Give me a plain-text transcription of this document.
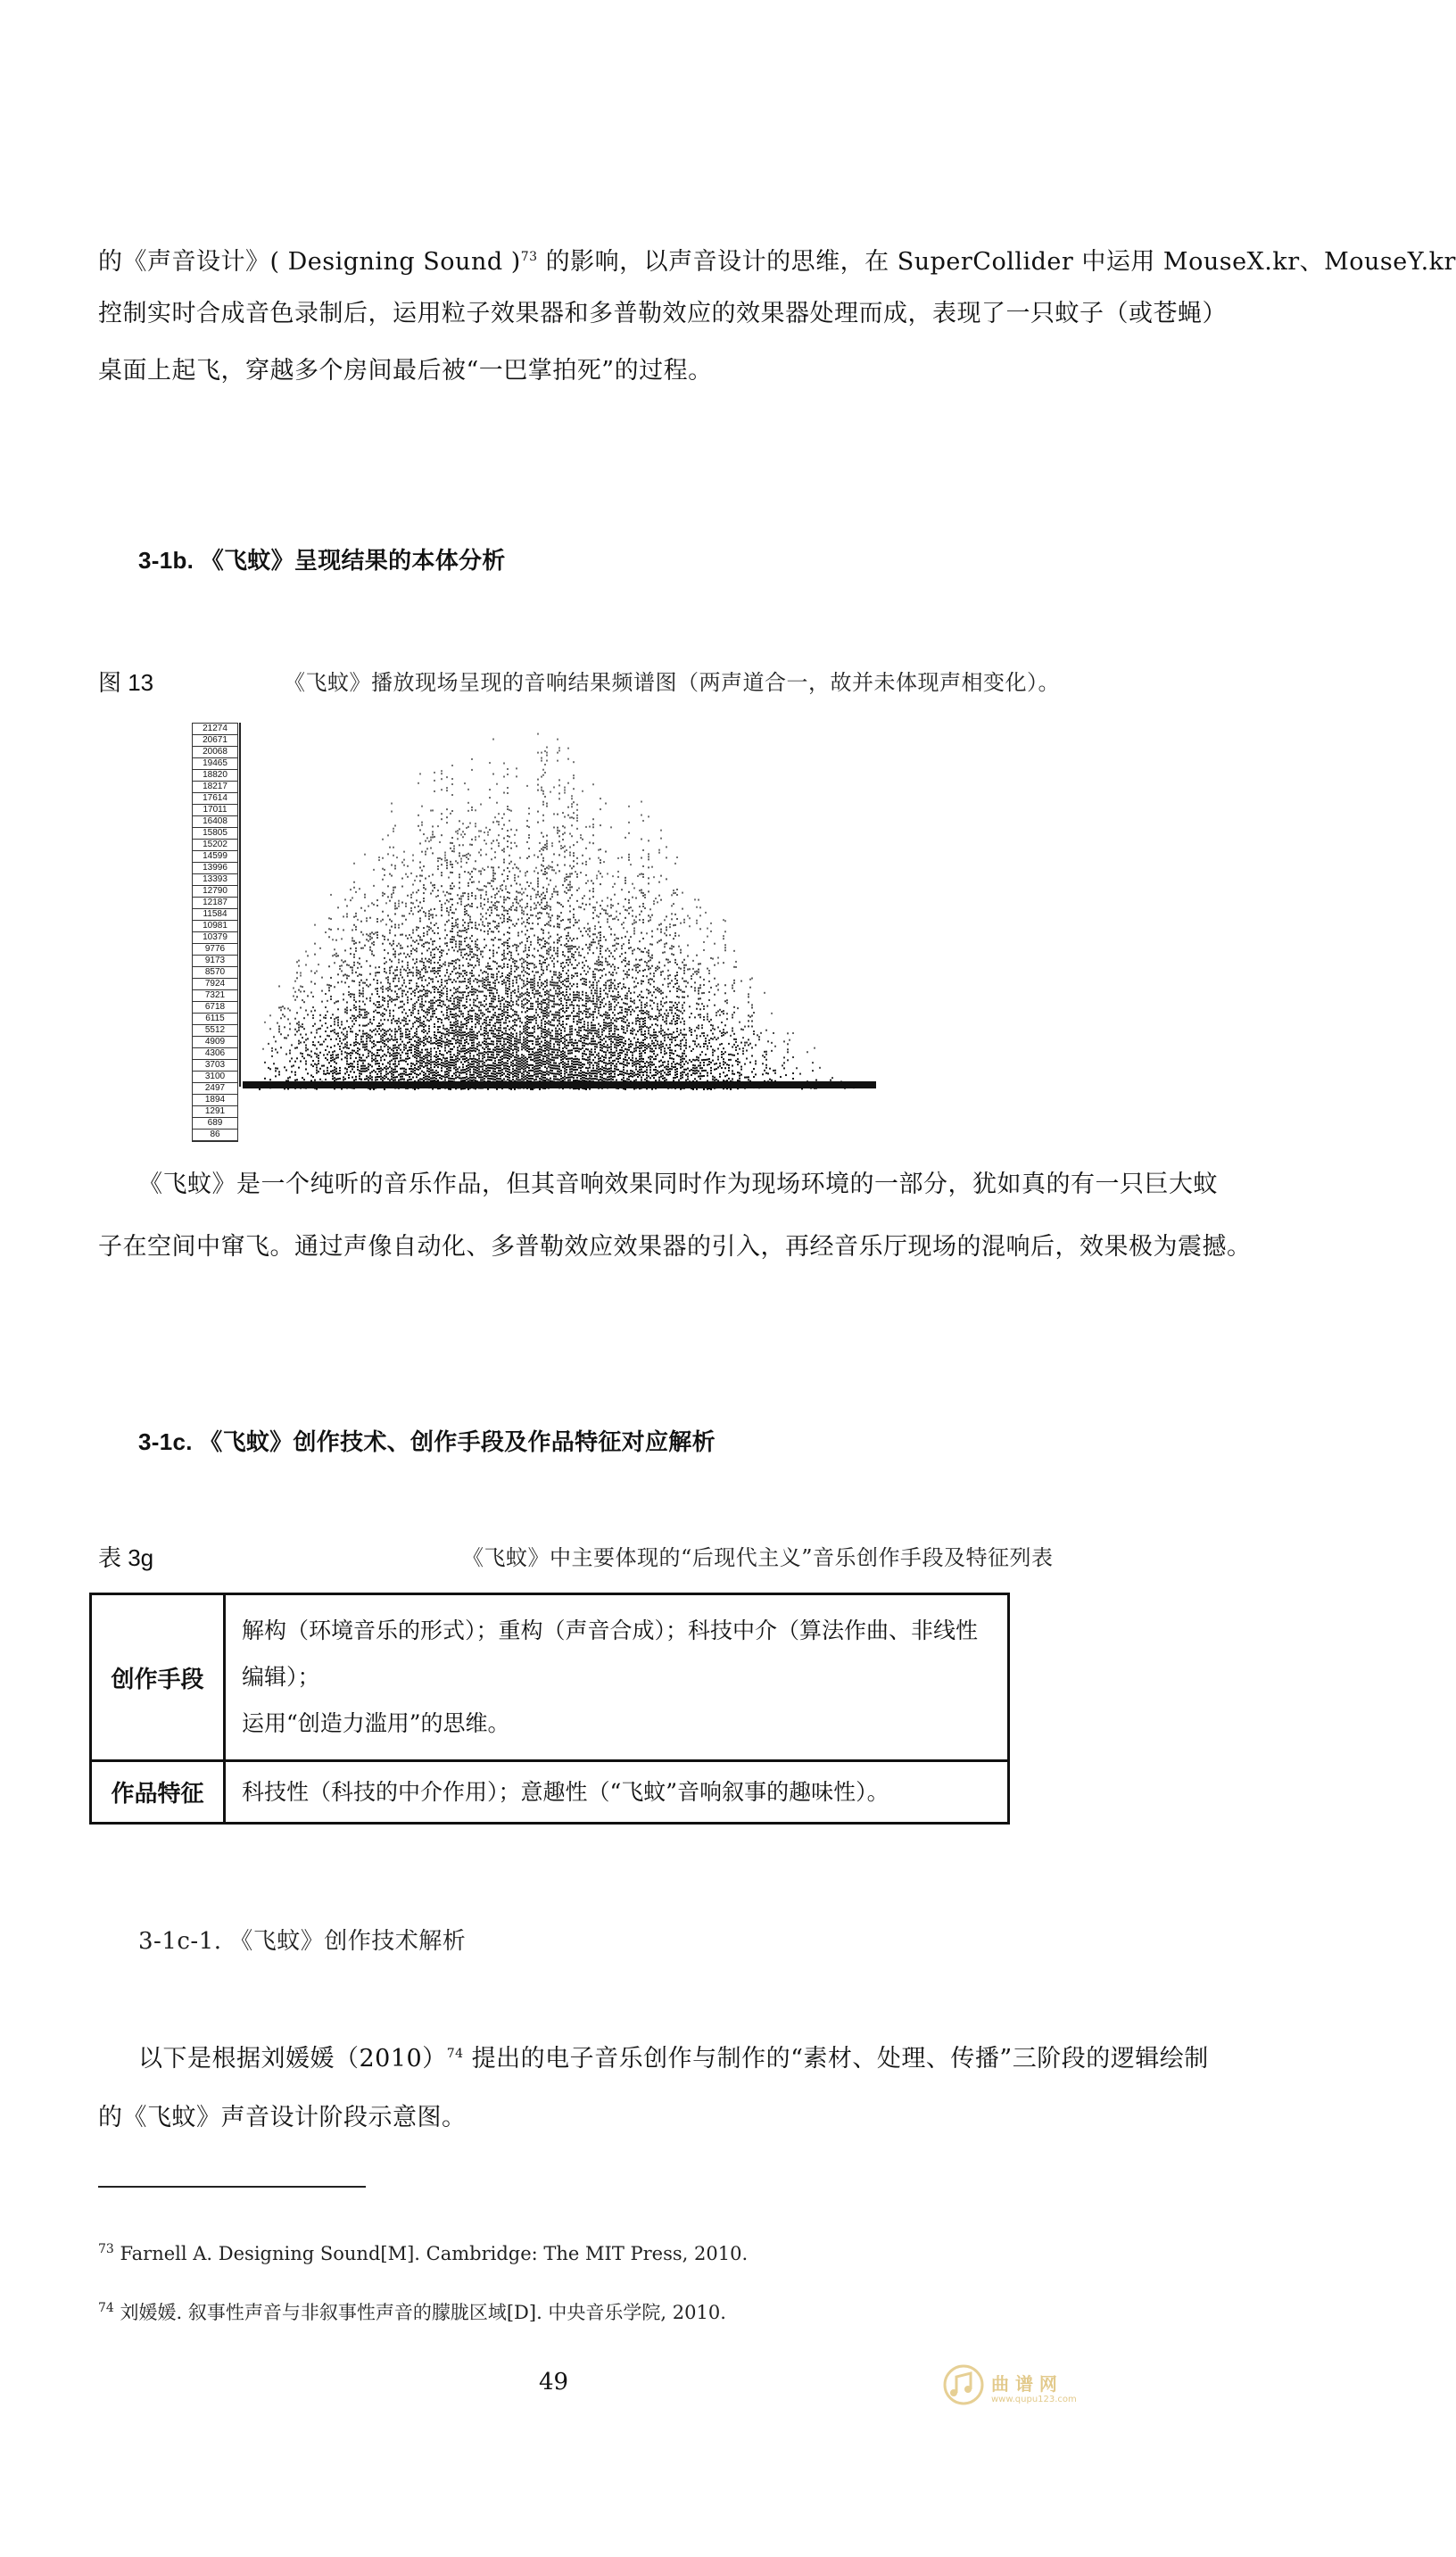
的《声音设计》( Designing Sound )$^{73}$ 的影响，以声音设计的思维，在 SuperCollider 中运用 MouseX.kr、MouseY.kr
控制实时合成音色录制后，运用粒子效果器和多普勒效应的效果器处理而成，表现了一只蚊子（或苍蝇）
桌面上起飞，穿越多个房间最后被“一巴掌拍死”的过程。
3-1b. 《飞蚊》呈现结果的本体分析
图 13	《飞蚊》播放现场呈现的音响结果频谱图（两声道合一，故并未体现声相变化）。
21274
20671
20068
19465
18820
18217
17614
17011
16408
15805
15202
14599
13996
13393
12790
12187
11584
10981
10379
9776
9173
8570
7924
7321
6718
6115
5512
4909
4306
3703
3100
2497
1894
1291
689
86
《飞蚊》是一个纯听的音乐作品，但其音响效果同时作为现场环境的一部分，犹如真的有一只巨大蚊
子在空间中窜飞。通过声像自动化、多普勒效应效果器的引入，再经音乐厅现场的混响后，效果极为震撼。
3-1c. 《飞蚊》创作技术、创作手段及作品特征对应解析
表 3g	《飞蚊》中主要体现的“后现代主义”音乐创作手段及特征列表
创作手段	解构（环境音乐的形式）；重构（声音合成）；科技中介（算法作曲、非线性编辑）；
运用“创造力滥用”的思维。

作品特征	科技性（科技的中介作用）；意趣性（“飞蚊”音响叙事的趣味性）。
3-1c-1. 《飞蚊》创作技术解析
以下是根据刘媛媛$(2010)^{74}$ 提出的电子音乐创作与制作的“素材、处理、传播”三阶段的逻辑绘制
的《飞蚊》声音设计阶段示意图。
$^{73}$ Farnell A. Designing Sound[M]. Cambridge: The MIT Press, 2010.
$^{74}$ 刘媛媛. 叙事性声音与非叙事性声音的朦胧区域[D]. 中央音乐学院, 2010.
49	曲 谱 网
www.qupu123.com
